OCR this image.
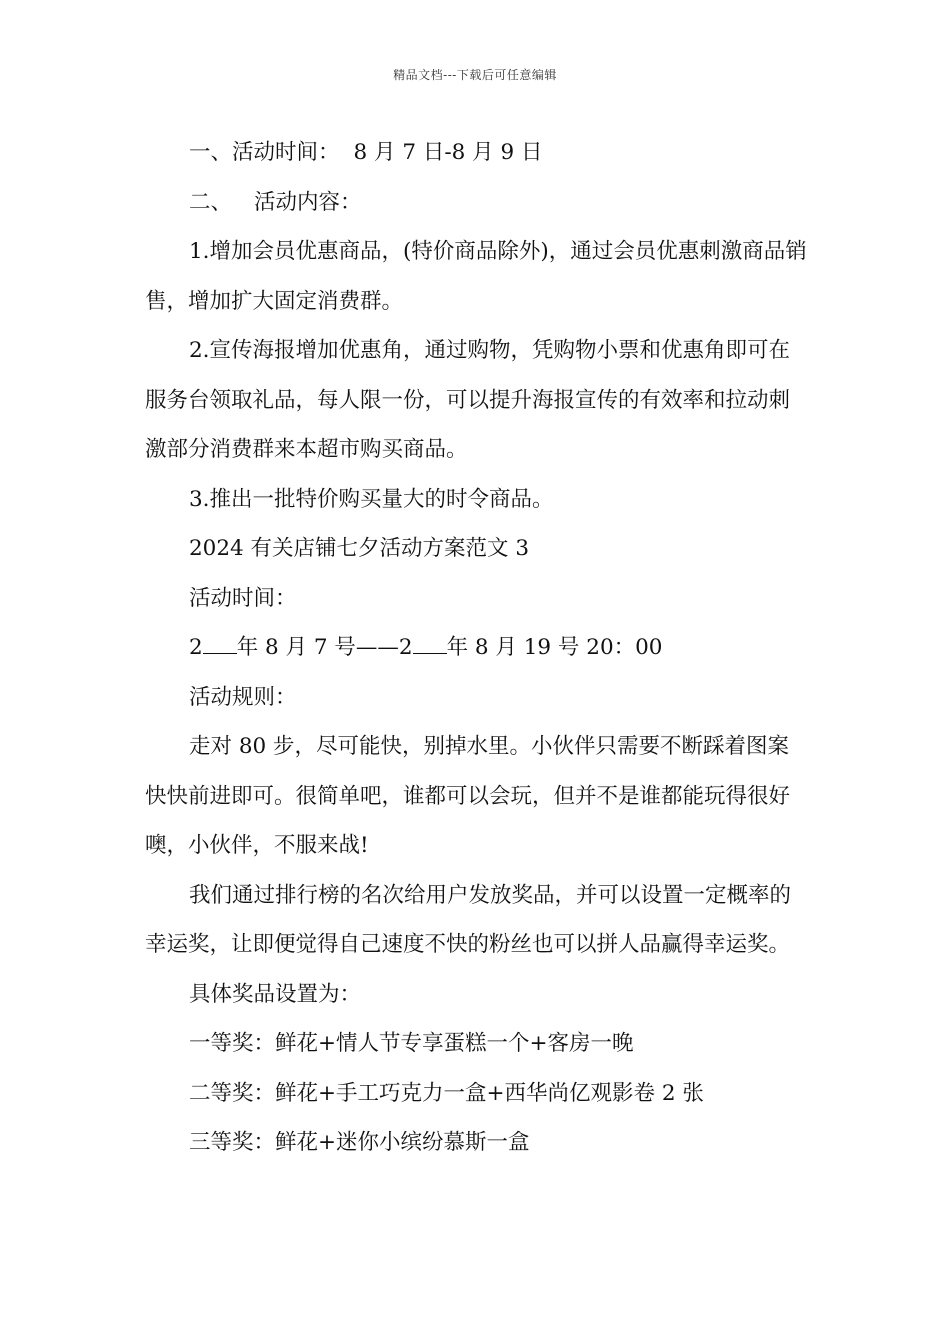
精品文档---下载后可任意编辑

一、活动时间： 8 月 7 日-8 月 9 日

二、 活动内容：

1.增加会员优惠商品，(特价商品除外)，通过会员优惠刺激商品销售，增加扩大固定消费群。

2.宣传海报增加优惠角，通过购物，凭购物小票和优惠角即可在服务台领取礼品，每人限一份，可以提升海报宣传的有效率和拉动刺激部分消费群来本超市购买商品。

3.推出一批特价购买量大的时令商品。

2024 有关店铺七夕活动方案范文 3

活动时间：

2 年 8 月 7 号——2 年 8 月 19 号 20：00

活动规则：

走对 80 步，尽可能快，别掉水里。小伙伴只需要不断踩着图案快快前进即可。很简单吧，谁都可以会玩，但并不是谁都能玩得很好噢，小伙伴，不服来战!

我们通过排行榜的名次给用户发放奖品，并可以设置一定概率的幸运奖，让即便觉得自己速度不快的粉丝也可以拼人品赢得幸运奖。

具体奖品设置为：

一等奖：鲜花+情人节专享蛋糕一个+客房一晚

二等奖：鲜花+手工巧克力一盒+西华尚亿观影卷 2 张

三等奖：鲜花+迷你小缤纷慕斯一盒
